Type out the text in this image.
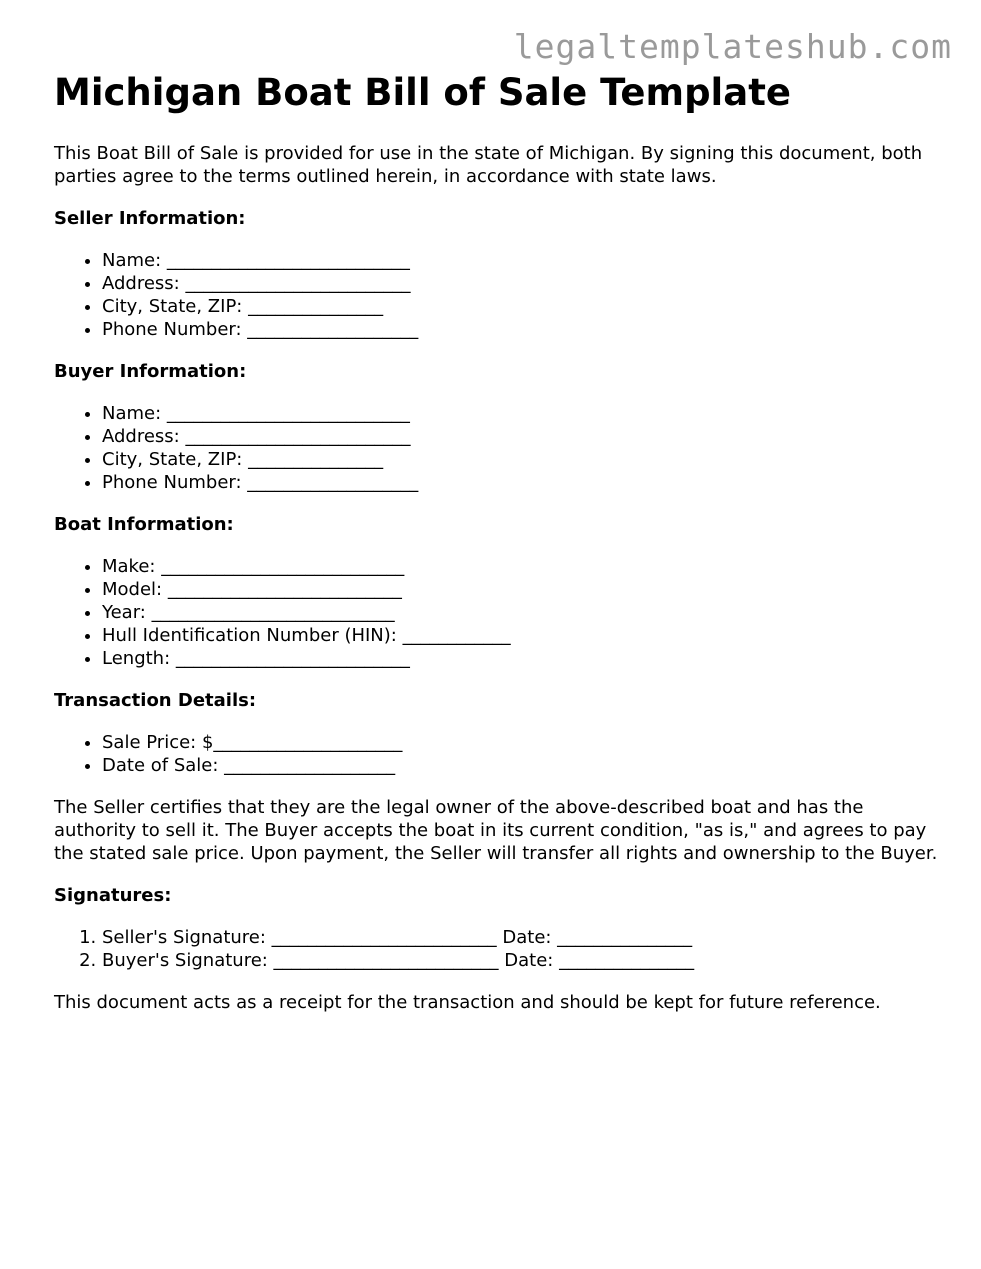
legaltemplateshub.com
Michigan Boat Bill of Sale Template

This Boat Bill of Sale is provided for use in the state of Michigan. By signing this document, both parties agree to the terms outlined herein, in accordance with state laws.

Seller Information:
• Name: ___________________________
• Address: _________________________
• City, State, ZIP: _______________
• Phone Number: ___________________
Buyer Information:
• Name: ___________________________
• Address: _________________________
• City, State, ZIP: _______________
• Phone Number: ___________________
Boat Information:
• Make: ___________________________
• Model: __________________________
• Year: ___________________________
• Hull Identification Number (HIN): ____________
• Length: __________________________
Transaction Details:
• Sale Price: $_____________________
• Date of Sale: ___________________

The Seller certifies that they are the legal owner of the above-described boat and has the authority to sell it. The Buyer accepts the boat in its current condition, "as is," and agrees to pay the stated sale price. Upon payment, the Seller will transfer all rights and ownership to the Buyer.

Signatures:
1. Seller's Signature: _________________________ Date: _______________
2. Buyer's Signature: _________________________ Date: _______________

This document acts as a receipt for the transaction and should be kept for future reference.
